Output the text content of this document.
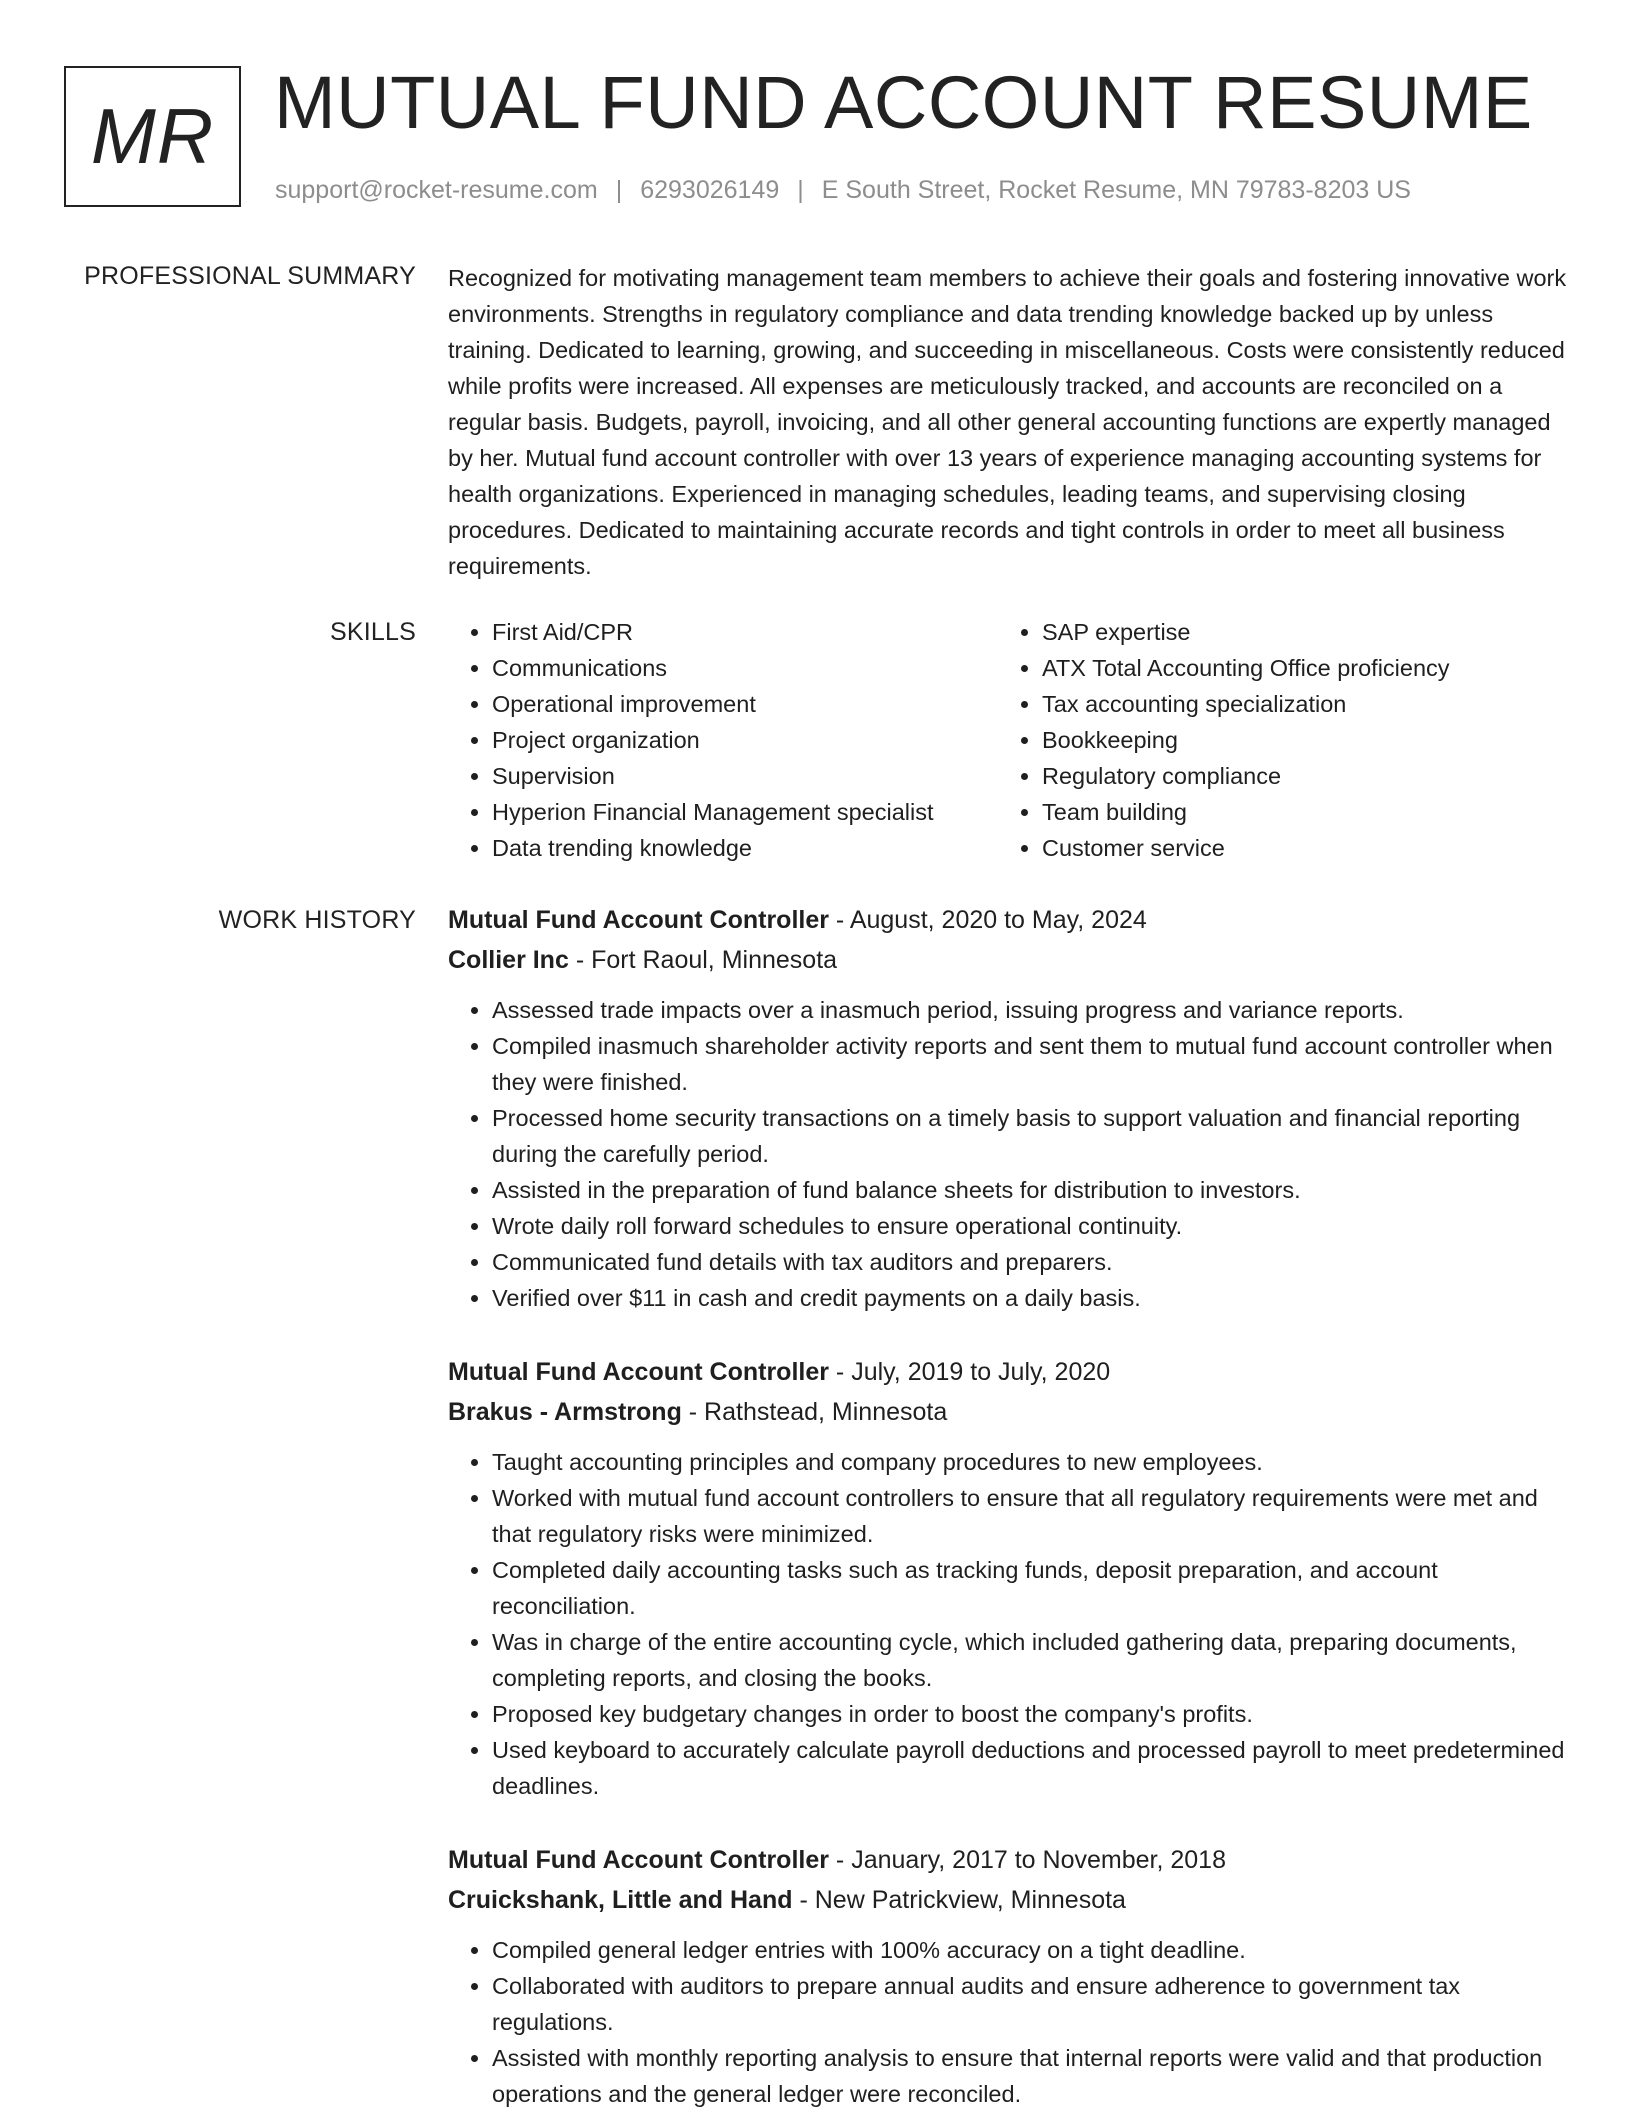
MR MUTUAL FUND ACCOUNT RESUME
support@rocket-resume.com | 6293026149 | E South Street, Rocket Resume, MN 79783-8203 US
PROFESSIONAL SUMMARY Recognized for motivating management team members to achieve their goals and fostering innovative work environments. Strengths in regulatory compliance and data trending knowledge backed up by unless training. Dedicated to learning, growing, and succeeding in miscellaneous. Costs were consistently reduced while profits were increased. All expenses are meticulously tracked, and accounts are reconciled on a regular basis. Budgets, payroll, invoicing, and all other general accounting functions are expertly managed by her. Mutual fund account controller with over 13 years of experience managing accounting systems for health organizations. Experienced in managing schedules, leading teams, and supervising closing procedures. Dedicated to maintaining accurate records and tight controls in order to meet all business requirements.
SKILLS
•	First Aid/CPR
• Communications
• Operational improvement
• Project organization
• Supervision
• Hyperion Financial Management specialist
• Data trending knowledge
• SAP expertise
• ATX Total Accounting Office proficiency
• Tax accounting specialization
• Bookkeeping
• Regulatory compliance
• Team building
• Customer service
WORK HISTORY Mutual Fund Account Controller - August, 2020 to May, 2024
Collier Inc - Fort Raoul, Minnesota
• Assessed trade impacts over a inasmuch period, issuing progress and variance reports.
• Compiled inasmuch shareholder activity reports and sent them to mutual fund account controller when they were finished.
• Processed home security transactions on a timely basis to support valuation and financial reporting during the carefully period.
• Assisted in the preparation of fund balance sheets for distribution to investors.
• Wrote daily roll forward schedules to ensure operational continuity.
• Communicated fund details with tax auditors and preparers.
• Verified over $11 in cash and credit payments on a daily basis.
Mutual Fund Account Controller - July, 2019 to July, 2020
Brakus - Armstrong - Rathstead, Minnesota
• Taught accounting principles and company procedures to new employees.
• Worked with mutual fund account controllers to ensure that all regulatory requirements were met and that regulatory risks were minimized.
• Completed daily accounting tasks such as tracking funds, deposit preparation, and account reconciliation.
• Was in charge of the entire accounting cycle, which included gathering data, preparing documents, completing reports, and closing the books.
• Proposed key budgetary changes in order to boost the company's profits.
• Used keyboard to accurately calculate payroll deductions and processed payroll to meet predetermined deadlines.
Mutual Fund Account Controller - January, 2017 to November, 2018
Cruickshank, Little and Hand - New Patrickview, Minnesota
• Compiled general ledger entries with 100% accuracy on a tight deadline.
• Collaborated with auditors to prepare annual audits and ensure adherence to government tax regulations.
• Assisted with monthly reporting analysis to ensure that internal reports were valid and that production operations and the general ledger were reconciled.
